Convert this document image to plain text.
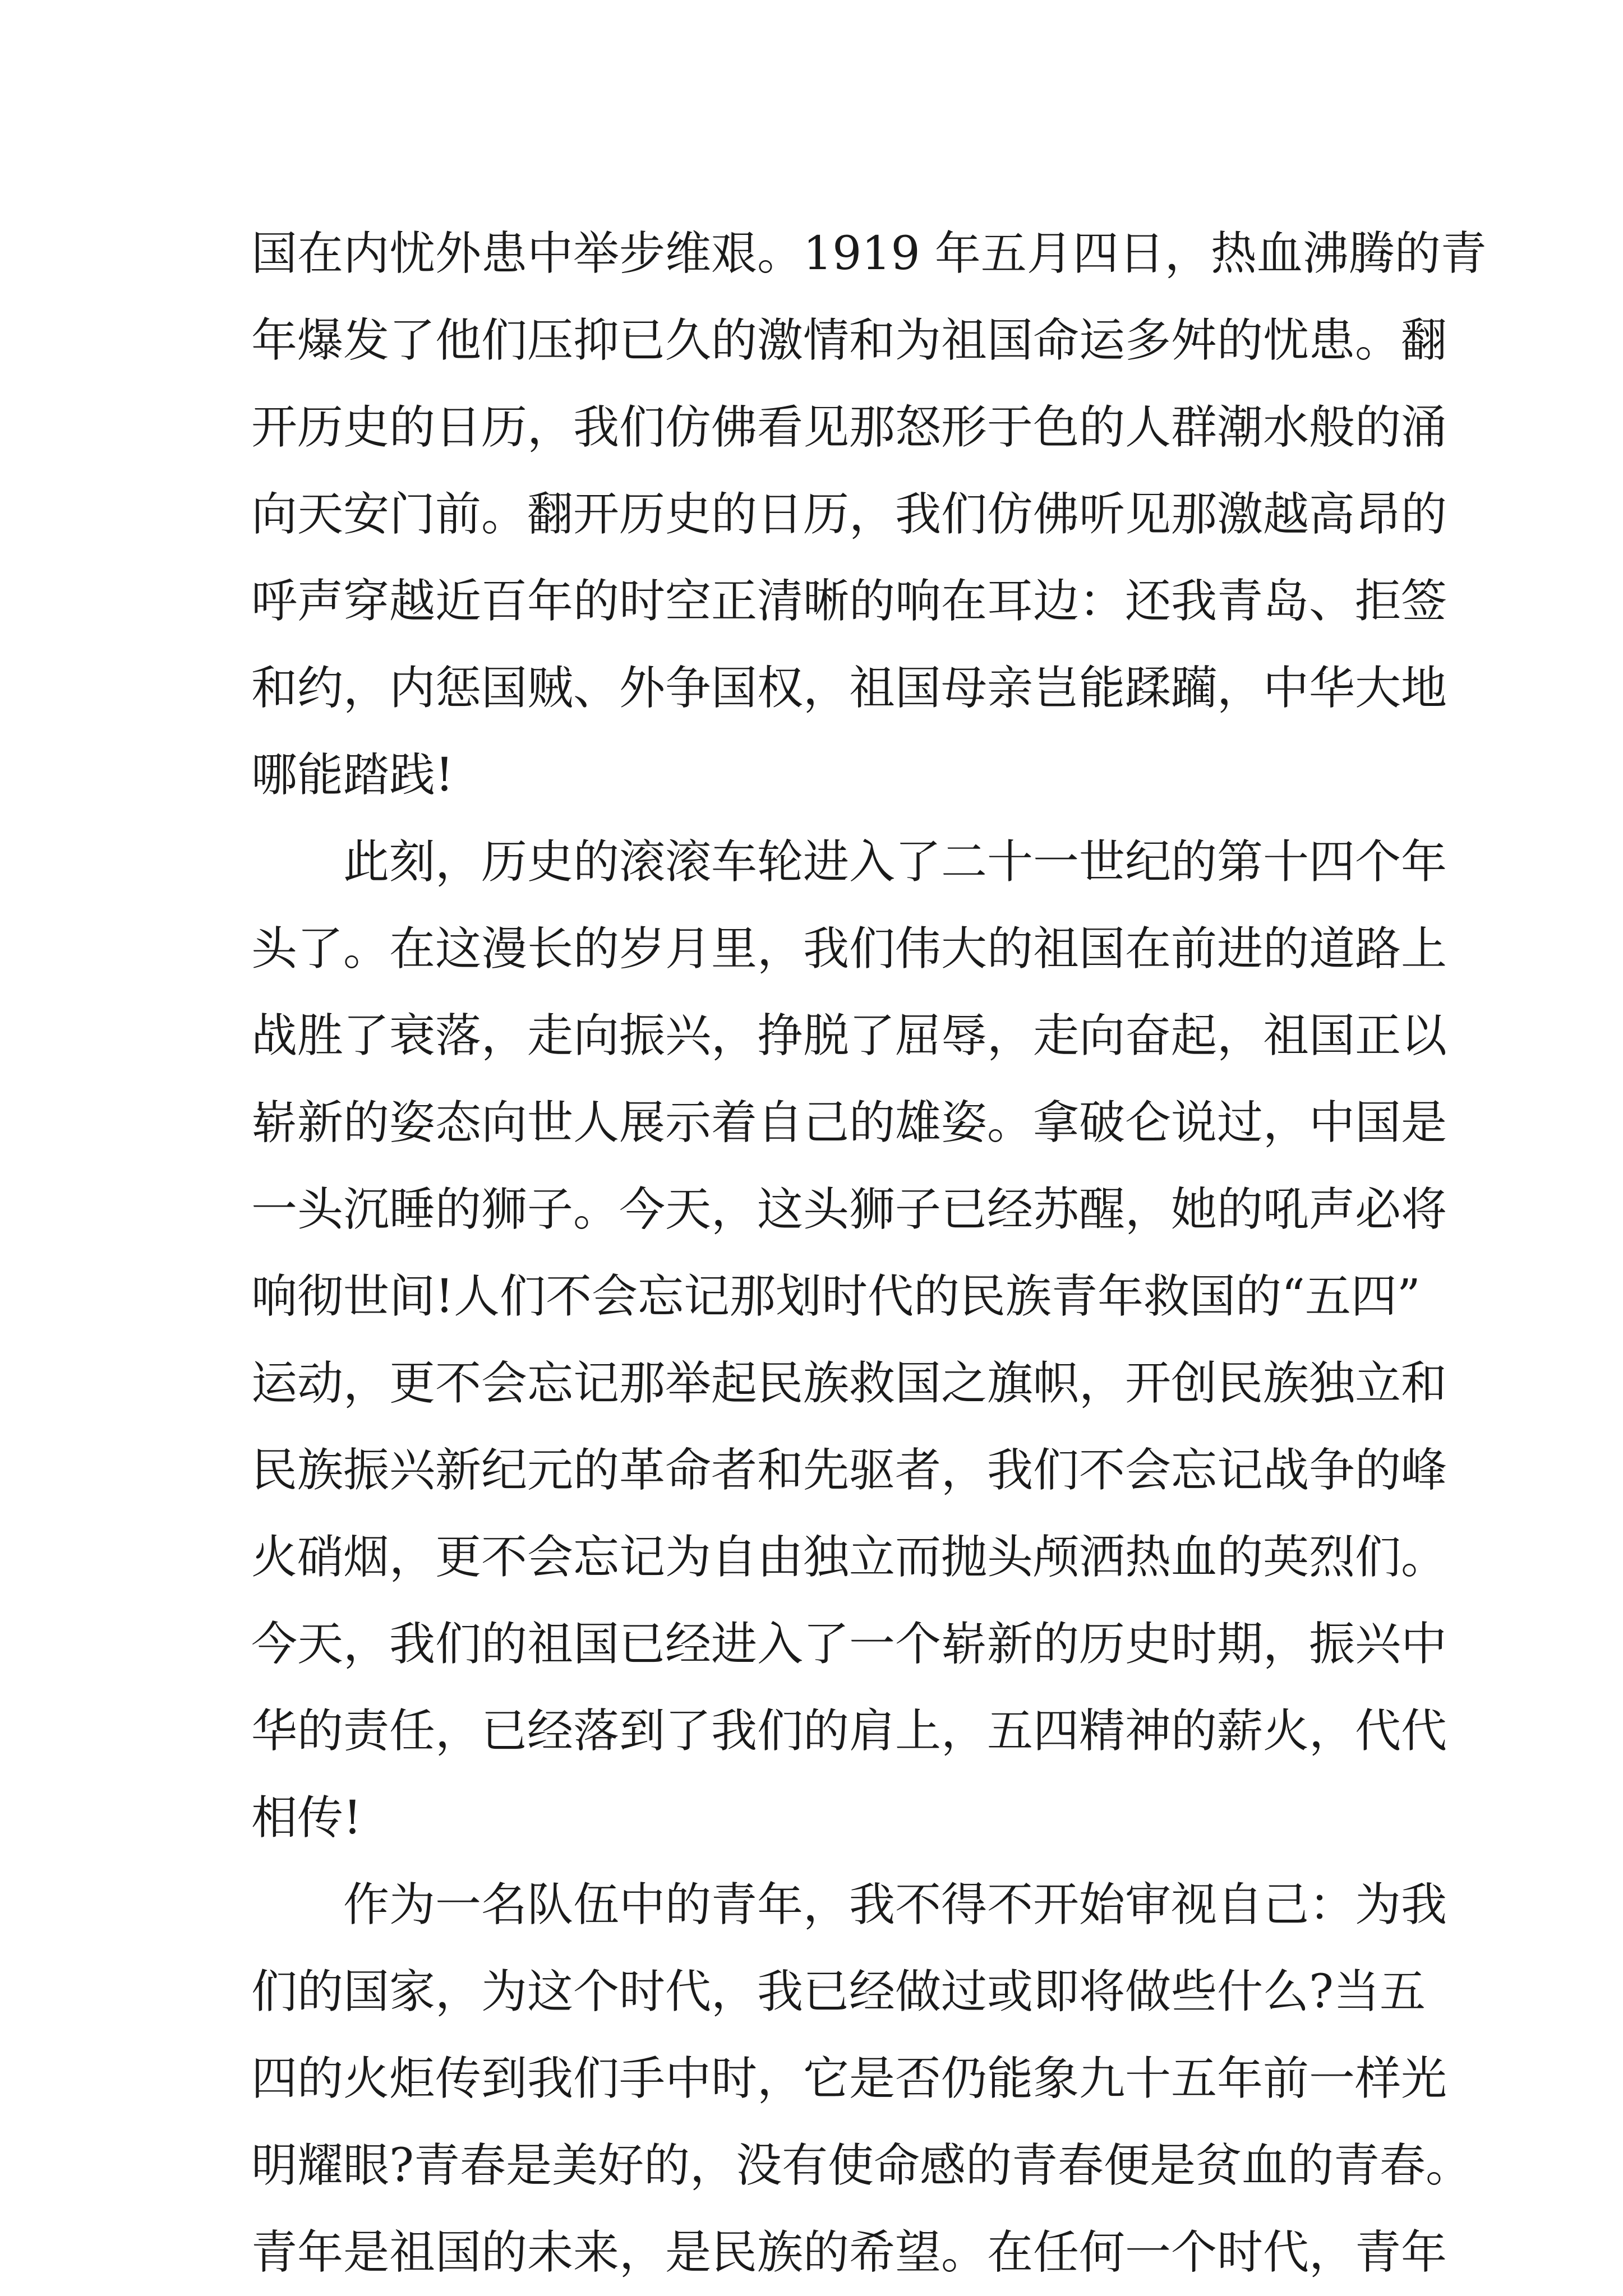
国在内忧外患中举步维艰。1919 年五月四日，热血沸腾的青
年爆发了他们压抑已久的激情和为祖国命运多舛的忧患。翻
开历史的日历，我们仿佛看见那怒形于色的人群潮水般的涌
向天安门前。翻开历史的日历，我们仿佛听见那激越高昂的
呼声穿越近百年的时空正清晰的响在耳边：还我青岛、拒签
和约，内惩国贼、外争国权，祖国母亲岂能蹂躏，中华大地
哪能踏践!
此刻，历史的滚滚车轮进入了二十一世纪的第十四个年
头了。在这漫长的岁月里，我们伟大的祖国在前进的道路上
战胜了衰落，走向振兴，挣脱了屈辱，走向奋起，祖国正以
崭新的姿态向世人展示着自己的雄姿。拿破仑说过，中国是
一头沉睡的狮子。今天，这头狮子已经苏醒，她的吼声必将
响彻世间!人们不会忘记那划时代的民族青年救国的“五四”
运动，更不会忘记那举起民族救国之旗帜，开创民族独立和
民族振兴新纪元的革命者和先驱者，我们不会忘记战争的峰
火硝烟，更不会忘记为自由独立而抛头颅洒热血的英烈们。
今天，我们的祖国已经进入了一个崭新的历史时期，振兴中
华的责任，已经落到了我们的肩上，五四精神的薪火，代代
相传!
作为一名队伍中的青年，我不得不开始审视自己：为我
们的国家，为这个时代，我已经做过或即将做些什么?当五
四的火炬传到我们手中时，它是否仍能象九十五年前一样光
明耀眼?青春是美好的，没有使命感的青春便是贫血的青春。
青年是祖国的未来，是民族的希望。在任何一个时代，青年
